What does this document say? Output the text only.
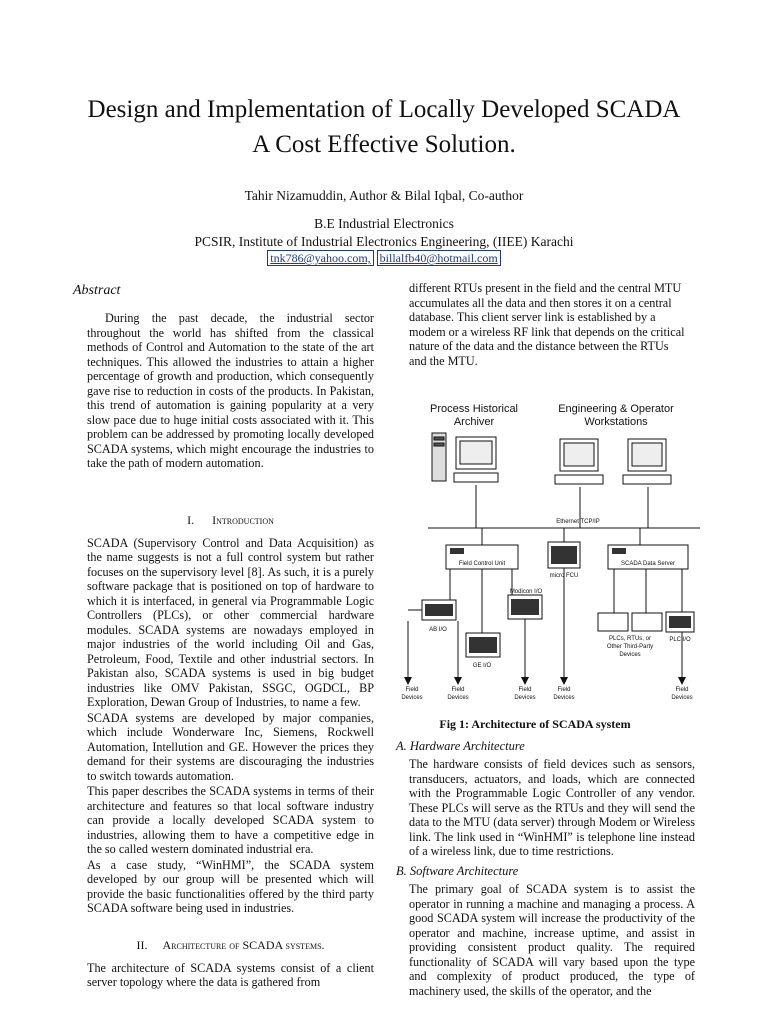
Design and Implementation of Locally Developed SCADA
A Cost Effective Solution.
Tahir Nizamuddin, Author & Bilal Iqbal, Co-author
B.E Industrial Electronics
PCSIR, Institute of Industrial Electronics Engineering, (IIEE) Karachi
tnk786@yahoo.com, billalfb40@hotmail.com
Abstract

During the past decade, the industrial sector throughout the world has shifted from the classical methods of Control and Automation to the state of the art techniques. This allowed the industries to attain a higher percentage of growth and production, which consequently gave rise to reduction in costs of the products. In Pakistan, this trend of automation is gaining popularity at a very slow pace due to huge initial costs associated with it. This problem can be addressed by promoting locally developed SCADA systems, which might encourage the industries to take the path of modern automation.

I. Introduction

SCADA (Supervisory Control and Data Acquisition) as the name suggests is not a full control system but rather focuses on the supervisory level [8]. As such, it is a purely software package that is positioned on top of hardware to which it is interfaced, in general via Programmable Logic Controllers (PLCs), or other commercial hardware modules. SCADA systems are nowadays employed in major industries of the world including Oil and Gas, Petroleum, Food, Textile and other industrial sectors. In Pakistan also, SCADA systems is used in big budget industries like OMV Pakistan, SSGC, OGDCL, BP Exploration, Dewan Group of Industries, to name a few.

SCADA systems are developed by major companies, which include Wonderware Inc, Siemens, Rockwell Automation, Intellution and GE. However the prices they demand for their systems are discouraging the industries to switch towards automation.

This paper describes the SCADA systems in terms of their architecture and features so that local software industry can provide a locally developed SCADA system to industries, allowing them to have a competitive edge in the so called western dominated industrial era.

As a case study, “WinHMI”, the SCADA system developed by our group will be presented which will provide the basic functionalities offered by the third party SCADA software being used in industries.

II. Architecture of SCADA systems.

The architecture of SCADA systems consist of a client server topology where the data is gathered from

different RTUs present in the field and the central MTU accumulates all the data and then stores it on a central database. This client server link is established by a modem or a wireless RF link that depends on the critical nature of the data and the distance between the RTUs and the MTU.
Process Historical
Archiver
Engineering & Operator
Workstations
Ethernet TCP/IP
Field Control Unit
micro FCU
SCADA Data Server
AB I/O
Modicon I/O
GE I/O
PLCs, RTUs, or
Other Third-Party
Devices
PLC I/O
Field
Devices
Field
Devices
Field
Devices
Field
Devices
Field
Devices
Fig 1: Architecture of SCADA system
A. Hardware Architecture
The hardware consists of field devices such as sensors, transducers, actuators, and loads, which are connected with the Programmable Logic Controller of any vendor. These PLCs will serve as the RTUs and they will send the data to the MTU (data server) through Modem or Wireless link. The link used in “WinHMI” is telephone line instead of a wireless link, due to time restrictions.
B. Software Architecture
The primary goal of SCADA system is to assist the operator in running a machine and managing a process. A good SCADA system will increase the productivity of the operator and machine, increase uptime, and assist in providing consistent product quality. The required functionality of SCADA will vary based upon the type and complexity of product produced, the type of machinery used, the skills of the operator, and the
